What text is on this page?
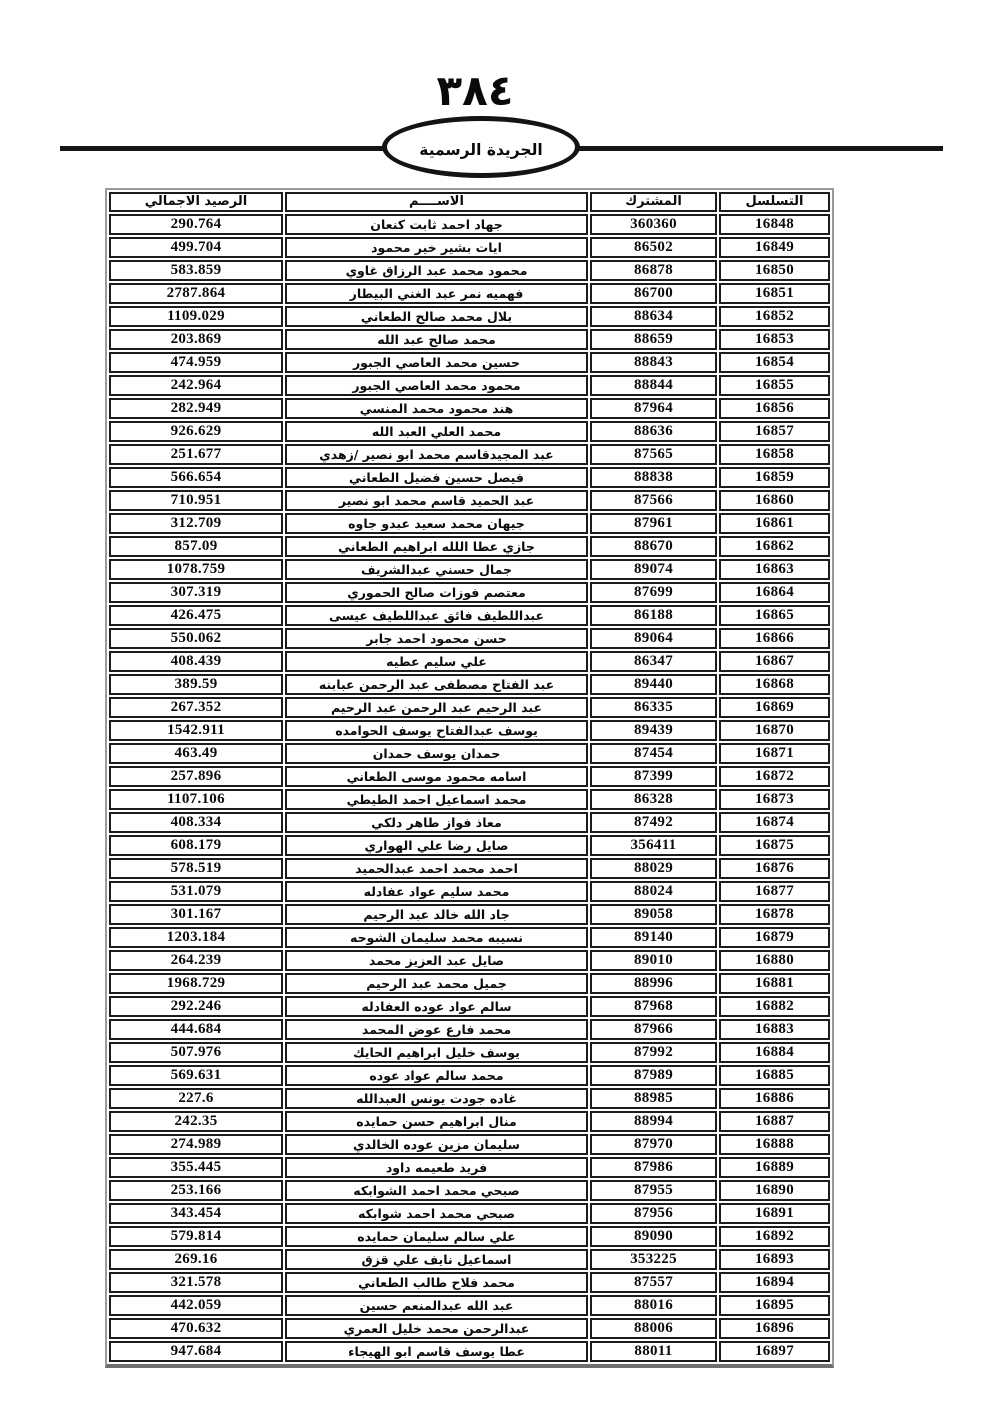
٣٨٤
الجريدة الرسمية
التسلسل	المشترك	الاســــم	الرصيد الاجمالي
16848	360360	جهاد احمد ثابت كنعان	290.764
16849	86502	ايات بشير خير محمود	499.704
16850	86878	محمود محمد عبد الرزاق غاوي	583.859
16851	86700	فهميه نمر عبد الغني البيطار	2787.864
16852	88634	بلال محمد صالح الطعاني	1109.029
16853	88659	محمد صالح عبد الله	203.869
16854	88843	حسين محمد العاصي الجبور	474.959
16855	88844	محمود محمد العاصي الجبور	242.964
16856	87964	هند محمود محمد المنسي	282.949
16857	88636	محمد العلي العبد الله	926.629
16858	87565	عبد المجيدقاسم محمد ابو نصير /زهدي	251.677
16859	88838	فيصل حسين فضيل الطعاني	566.654
16860	87566	عبد الحميد قاسم محمد ابو نصير	710.951
16861	87961	جيهان محمد سعيد عبدو جاوه	312.709
16862	88670	جازي عطا اللله ابراهيم الطعاني	857.09
16863	89074	جمال حسني عبدالشريف	1078.759
16864	87699	معتصم فوزات صالح الحموري	307.319
16865	86188	عبداللطيف فائق عبداللطيف عيسى	426.475
16866	89064	حسن محمود احمد جابر	550.062
16867	86347	علي سليم عطيه	408.439
16868	89440	عبد الفتاح مصطفى عبد الرحمن عبابنه	389.59
16869	86335	عبد الرحيم عبد الرحمن عبد الرحيم	267.352
16870	89439	يوسف عبدالفتاح يوسف الحوامده	1542.911
16871	87454	حمدان يوسف حمدان	463.49
16872	87399	اسامه محمود موسى الطعاني	257.896
16873	86328	محمد اسماعيل احمد الطيطي	1107.106
16874	87492	معاذ فواز طاهر دلكي	408.334
16875	356411	صايل رضا علي الهواري	608.179
16876	88029	احمد محمد احمد عبدالحميد	578.519
16877	88024	محمد سليم عواد عفادله	531.079
16878	89058	جاد الله خالد عبد الرحيم	301.167
16879	89140	نسيبه محمد سليمان الشوحه	1203.184
16880	89010	صايل عبد العزيز محمد	264.239
16881	88996	جميل محمد عبد الرحيم	1968.729
16882	87968	سالم عواد عوده العفادله	292.246
16883	87966	محمد فارع عوض المحمد	444.684
16884	87992	يوسف خليل ابراهيم الحايك	507.976
16885	87989	محمد سالم عواد عوده	569.631
16886	88985	غاده جودت يونس العبدالله	227.6
16887	88994	منال ابراهيم حسن حمايده	242.35
16888	87970	سليمان مزين عوده الخالدي	274.989
16889	87986	فريد طعيمه داود	355.445
16890	87955	صبحي محمد احمد الشوابكه	253.166
16891	87956	صبحي محمد احمد شوابكه	343.454
16892	89090	علي سالم سليمان حمايده	579.814
16893	353225	اسماعيل نايف علي قزق	269.16
16894	87557	محمد فلاح طالب الطعاني	321.578
16895	88016	عبد الله عبدالمنعم حسين	442.059
16896	88006	عبدالرحمن محمد خليل العمري	470.632
16897	88011	عطا يوسف قاسم ابو الهيجاء	947.684
